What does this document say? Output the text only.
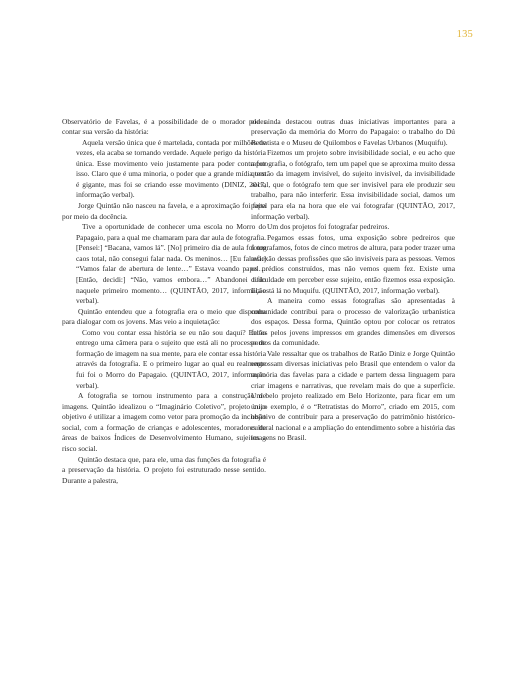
135

Observatório de Favelas, é a possibilidade de o morador poder contar sua versão da história:

Aquela versão única que é martelada, contada por milhões de vezes, ela acaba se tornando verdade. Aquele perigo da história única. Esse movimento veio justamente para poder contrapor isso. Claro que é uma minoria, o poder que a grande mídia tem é gigante, mas foi se criando esse movimento (DINIZ, 2017, informação verbal).

Jorge Quintão não nasceu na favela, e a aproximação foi feita por meio da docência.

Tive a oportunidade de conhecer uma escola no Morro do Papagaio, para a qual me chamaram para dar aula de fotografia. [Pensei:] “Bacana, vamos lá”. [No] primeiro dia de aula foi um caos total, não consegui falar nada. Os meninos… [Eu falava:] “Vamos falar de abertura de lente…” Estava voando papel… [Então, decidi:] “Não, vamos embora…” Abandonei tudo naquele primeiro momento… (QUINTÃO, 2017, informação verbal).

Quintão entendeu que a fotografia era o meio que dispunha para dialogar com os jovens. Mas veio a inquietação:

Como vou contar essa história se eu não sou daqui? Então entrego uma câmera para o sujeito que está ali no processo de formação de imagem na sua mente, para ele contar essa história através da fotografia. E o primeiro lugar ao qual eu realmente fui foi o Morro do Papagaio. (QUINTÃO, 2017, informação verbal).

A fotografia se tornou instrumento para a construção de imagens. Quintão idealizou o “Imaginário Coletivo”, projeto cujo objetivo é utilizar a imagem como vetor para promoção da inclusão social, com a formação de crianças e adolescentes, moradores de áreas de baixos Índices de Desenvolvimento Humano, sujeitos a risco social.

Quintão destaca que, para ele, uma das funções da fotografia é a preservação da história. O projeto foi estruturado nesse sentido. Durante a palestra,

ele ainda destacou outras duas iniciativas importantes para a preservação da memória do Morro do Papagaio: o trabalho do Dú Retratista e o Museu de Quilombos e Favelas Urbanos (Muquifu).

Fizemos um projeto sobre invisibilidade social, e eu acho que a fotografia, o fotógrafo, tem um papel que se aproxima muito dessa questão da imagem invisível, do sujeito invisível, da invisibilidade social, que o fotógrafo tem que ser invisível para ele produzir seu trabalho, para não interferir. Essa invisibilidade social, damos um papel para ela na hora que ele vai fotografar (QUINTÃO, 2017, informação verbal).

Um dos projetos foi fotografar pedreiros.

Pegamos essas fotos, uma exposição sobre pedreiros que fotografamos, fotos de cinco metros de altura, para poder trazer uma reflexão dessas profissões que são invisíveis para as pessoas. Vemos os prédios construídos, mas não vemos quem fez. Existe uma dificuldade em perceber esse sujeito, então fizemos essa exposição. Ela está lá no Muquifu. (QUINTÃO, 2017, informação verbal).

A maneira como essas fotografias são apresentadas à comunidade contribui para o processo de valorização urbanística dos espaços. Dessa forma, Quintão optou por colocar os retratos feitos pelos jovens impressos em grandes dimensões em diversos pontos da comunidade.

Vale ressaltar que os trabalhos de Ratão Diniz e Jorge Quintão engrossam diversas iniciativas pelo Brasil que entendem o valor da memória das favelas para a cidade e partem dessa linguagem para criar imagens e narrativas, que revelam mais do que a superfície. Um belo projeto realizado em Belo Horizonte, para ficar em um único exemplo, é o “Retratistas do Morro”, criado em 2015, com objetivo de contribuir para a preservação do patrimônio histórico-cultural nacional e a ampliação do entendimento sobre a história das imagens no Brasil.
